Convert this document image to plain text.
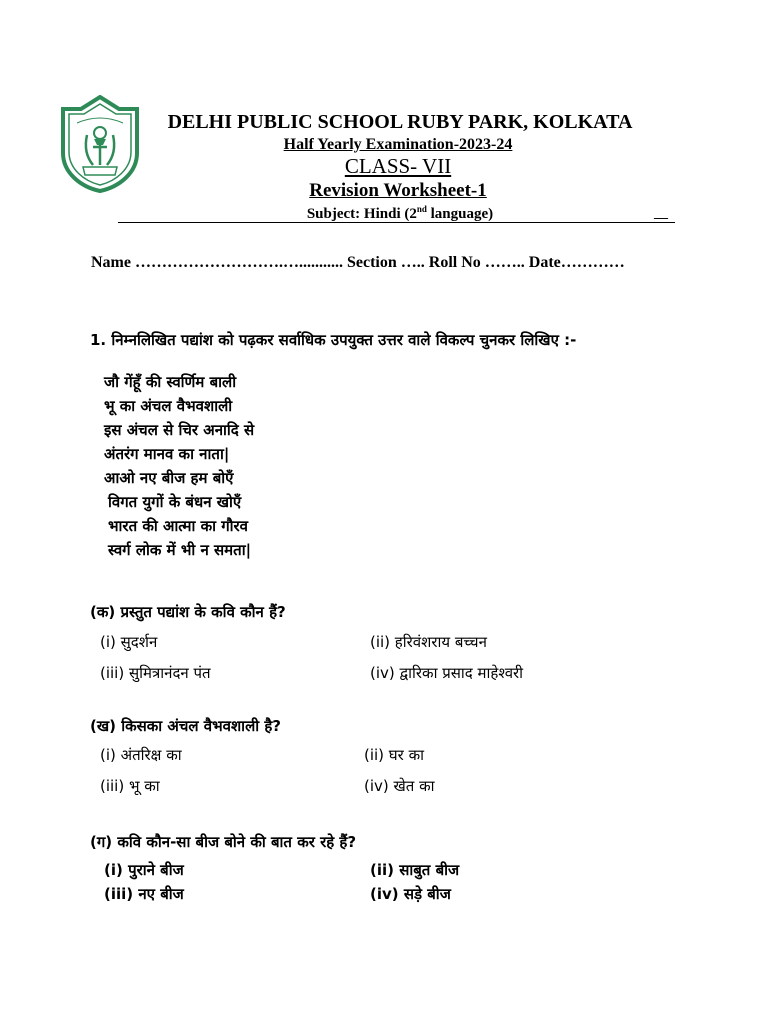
DELHI PUBLIC SCHOOL RUBY PARK, KOLKATA
Half Yearly Examination-2023-24
CLASS- VII
Revision Worksheet-1
Subject: Hindi (2nd language)	__
Name ……………………….…........... Section ….. Roll No …….. Date…………
1. निम्नलिखित पद्यांश को पढ़कर सर्वाधिक उपयुक्त उत्तर वाले विकल्प चुनकर लिखिए :-
जौ गेंहूँ की स्वर्णिम बाली
भू का अंचल वैभवशाली
इस अंचल से चिर अनादि से
अंतरंग मानव का नाता|
आओ नए बीज हम बोएँ
विगत युगों के बंधन खोएँ
भारत की आत्मा का गौरव
स्वर्ग लोक में भी न समता|
(क) प्रस्तुत पद्यांश के कवि कौन हैं?
(i) सुदर्शन	(ii) हरिवंशराय बच्चन
(iii) सुमित्रानंदन पंत	(iv) द्वारिका प्रसाद माहेश्वरी
(ख) किसका अंचल वैभवशाली है?
(i) अंतरिक्ष का	(ii) घर का
(iii) भू का	(iv) खेत का
(ग) कवि कौन-सा बीज बोने की बात कर रहे हैं?
(i) पुराने बीज	(ii) साबुत बीज
(iii) नए बीज	(iv) सड़े बीज
